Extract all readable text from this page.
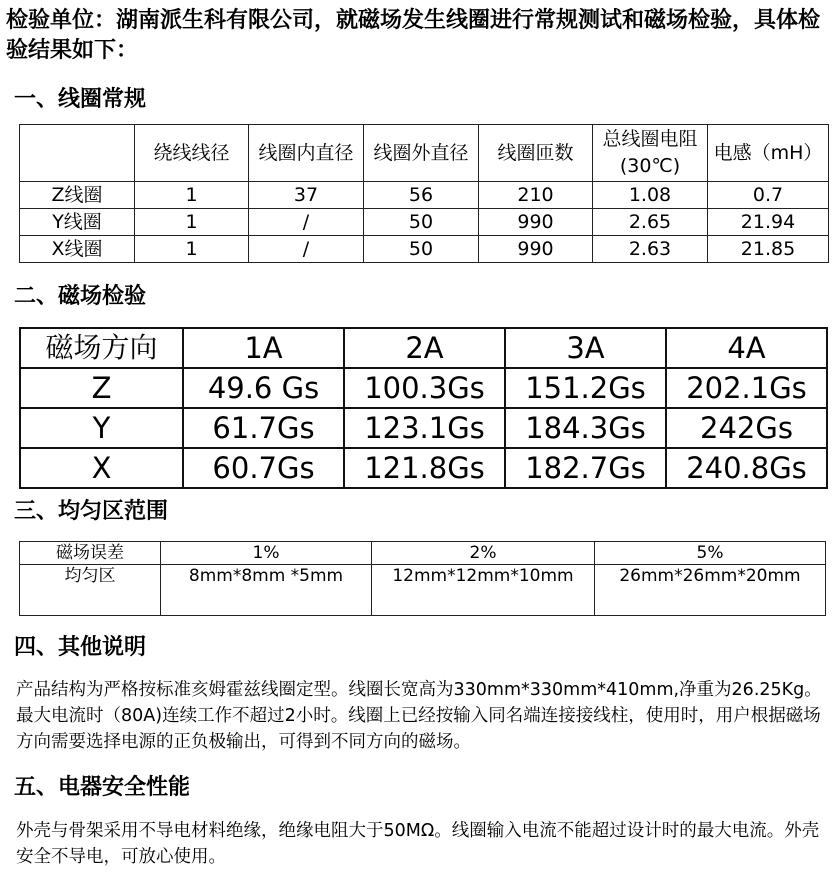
检验单位：湖南派生科有限公司，就磁场发生线圈进行常规测试和磁场检验，具体检验结果如下：

一、线圈常规
	绕线线径	线圈内直径	线圈外直径	线圈匝数	总线圈电阻(30℃)	电感（mH）
Z线圈	1	37	56	210	1.08	0.7
Y线圈	1	/	50	990	2.65	21.94
X线圈	1	/	50	990	2.63	21.85
二、磁场检验
磁场方向	1A	2A	3A	4A
Z	49.6 Gs	100.3Gs	151.2Gs	202.1Gs
Y	61.7Gs	123.1Gs	184.3Gs	242Gs
X	60.7Gs	121.8Gs	182.7Gs	240.8Gs
三、均匀区范围
磁场误差	1%	2%	5%
均匀区	8mm*8mm *5mm	12mm*12mm*10mm	26mm*26mm*20mm
四、其他说明

产品结构为严格按标准亥姆霍兹线圈定型。线圈长宽高为330mm*330mm*410mm,净重为26.25Kg。最大电流时（80A)连续工作不超过2小时。线圈上已经按输入同名端连接接线柱，使用时，用户根据磁场方向需要选择电源的正负极输出，可得到不同方向的磁场。

五、电器安全性能

外壳与骨架采用不导电材料绝缘，绝缘电阻大于50MΩ。线圈输入电流不能超过设计时的最大电流。外壳安全不导电，可放心使用。
